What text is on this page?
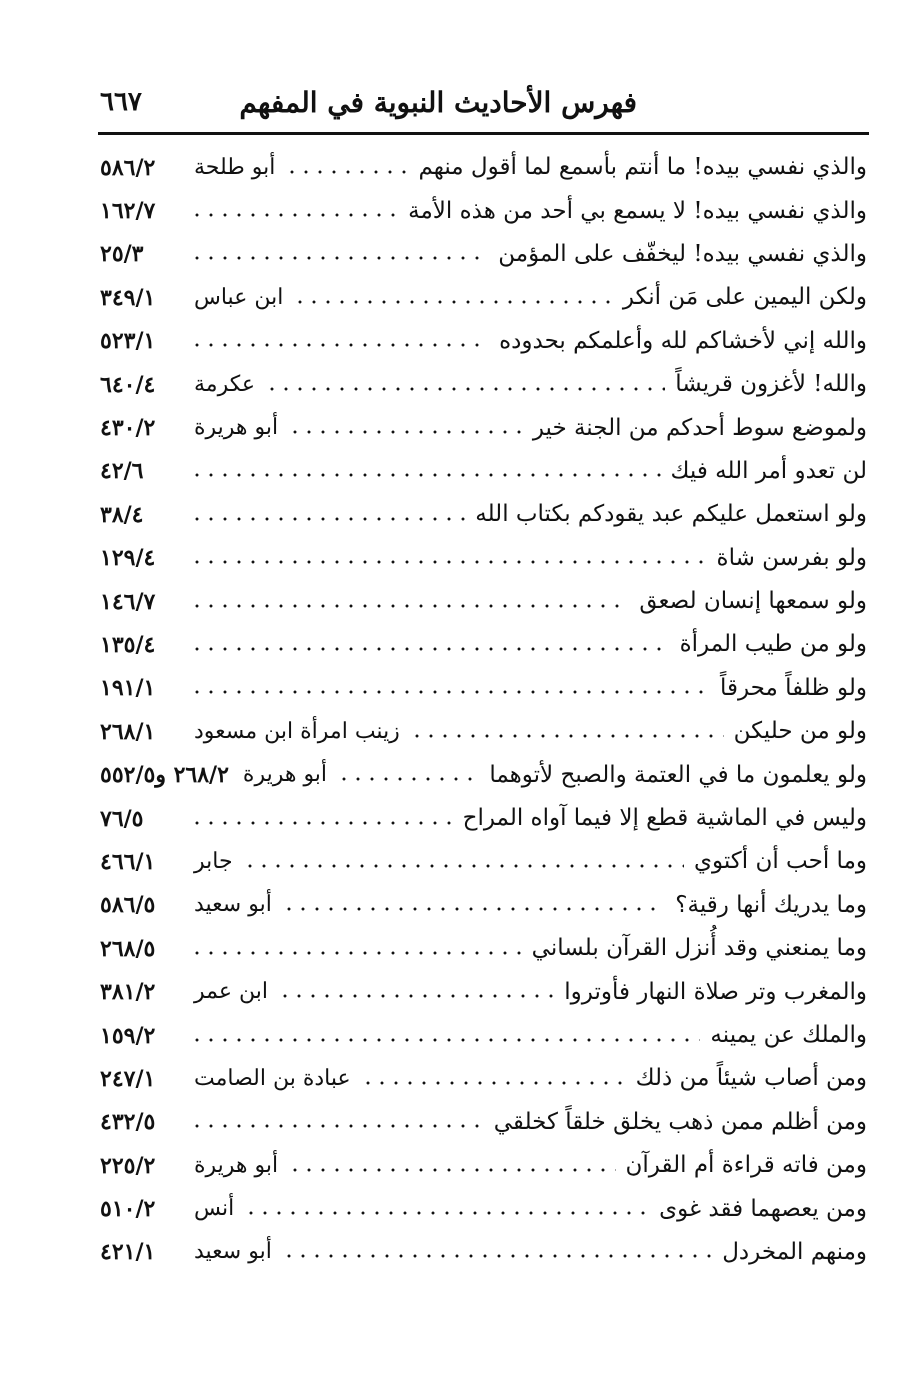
فهرس الأحاديث النبوية في المفهم
٦٦٧
والذي نفسي بيده! ما أنتم بأسمع لما أقول منهم
أبو طلحة
٥٨٦/٢
والذي نفسي بيده! لا يسمع بي أحد من هذه الأمة
١٦٢/٧
والذي نفسي بيده! ليخفّف على المؤمن
٢٥/٣
ولكن اليمين على مَن أنكر
ابن عباس
٣٤٩/١
والله إني لأخشاكم لله وأعلمكم بحدوده
٥٢٣/١
والله! لأغزون قريشاً
عكرمة
٦٤٠/٤
ولموضع سوط أحدكم من الجنة خير
أبو هريرة
٤٣٠/٢
لن تعدو أمر الله فيك
٤٢/٦
ولو استعمل عليكم عبد يقودكم بكتاب الله
٣٨/٤
ولو بفرسن شاة
١٢٩/٤
ولو سمعها إنسان لصعق
١٤٦/٧
ولو من طيب المرأة
١٣٥/٤
ولو ظلفاً محرقاً
١٩١/١
ولو من حليكن
زينب امرأة ابن مسعود
٢٦٨/١
ولو يعلمون ما في العتمة والصبح لأتوهما
أبو هريرة
٢٦٨/٢ و٥٥٢/٥
وليس في الماشية قطع إلا فيما آواه المراح
٧٦/٥
وما أحب أن أكتوي
جابر
٤٦٦/١
وما يدريك أنها رقية؟
أبو سعيد
٥٨٦/٥
وما يمنعني وقد أُنزل القرآن بلساني
٢٦٨/٥
والمغرب وتر صلاة النهار فأوتروا
ابن عمر
٣٨١/٢
والملك عن يمينه
١٥٩/٢
ومن أصاب شيئاً من ذلك
عبادة بن الصامت
٢٤٧/١
ومن أظلم ممن ذهب يخلق خلقاً كخلقي
٤٣٢/٥
ومن فاته قراءة أم القرآن
أبو هريرة
٢٢٥/٢
ومن يعصهما فقد غوى
أنس
٥١٠/٢
ومنهم المخردل
أبو سعيد
٤٢١/١
